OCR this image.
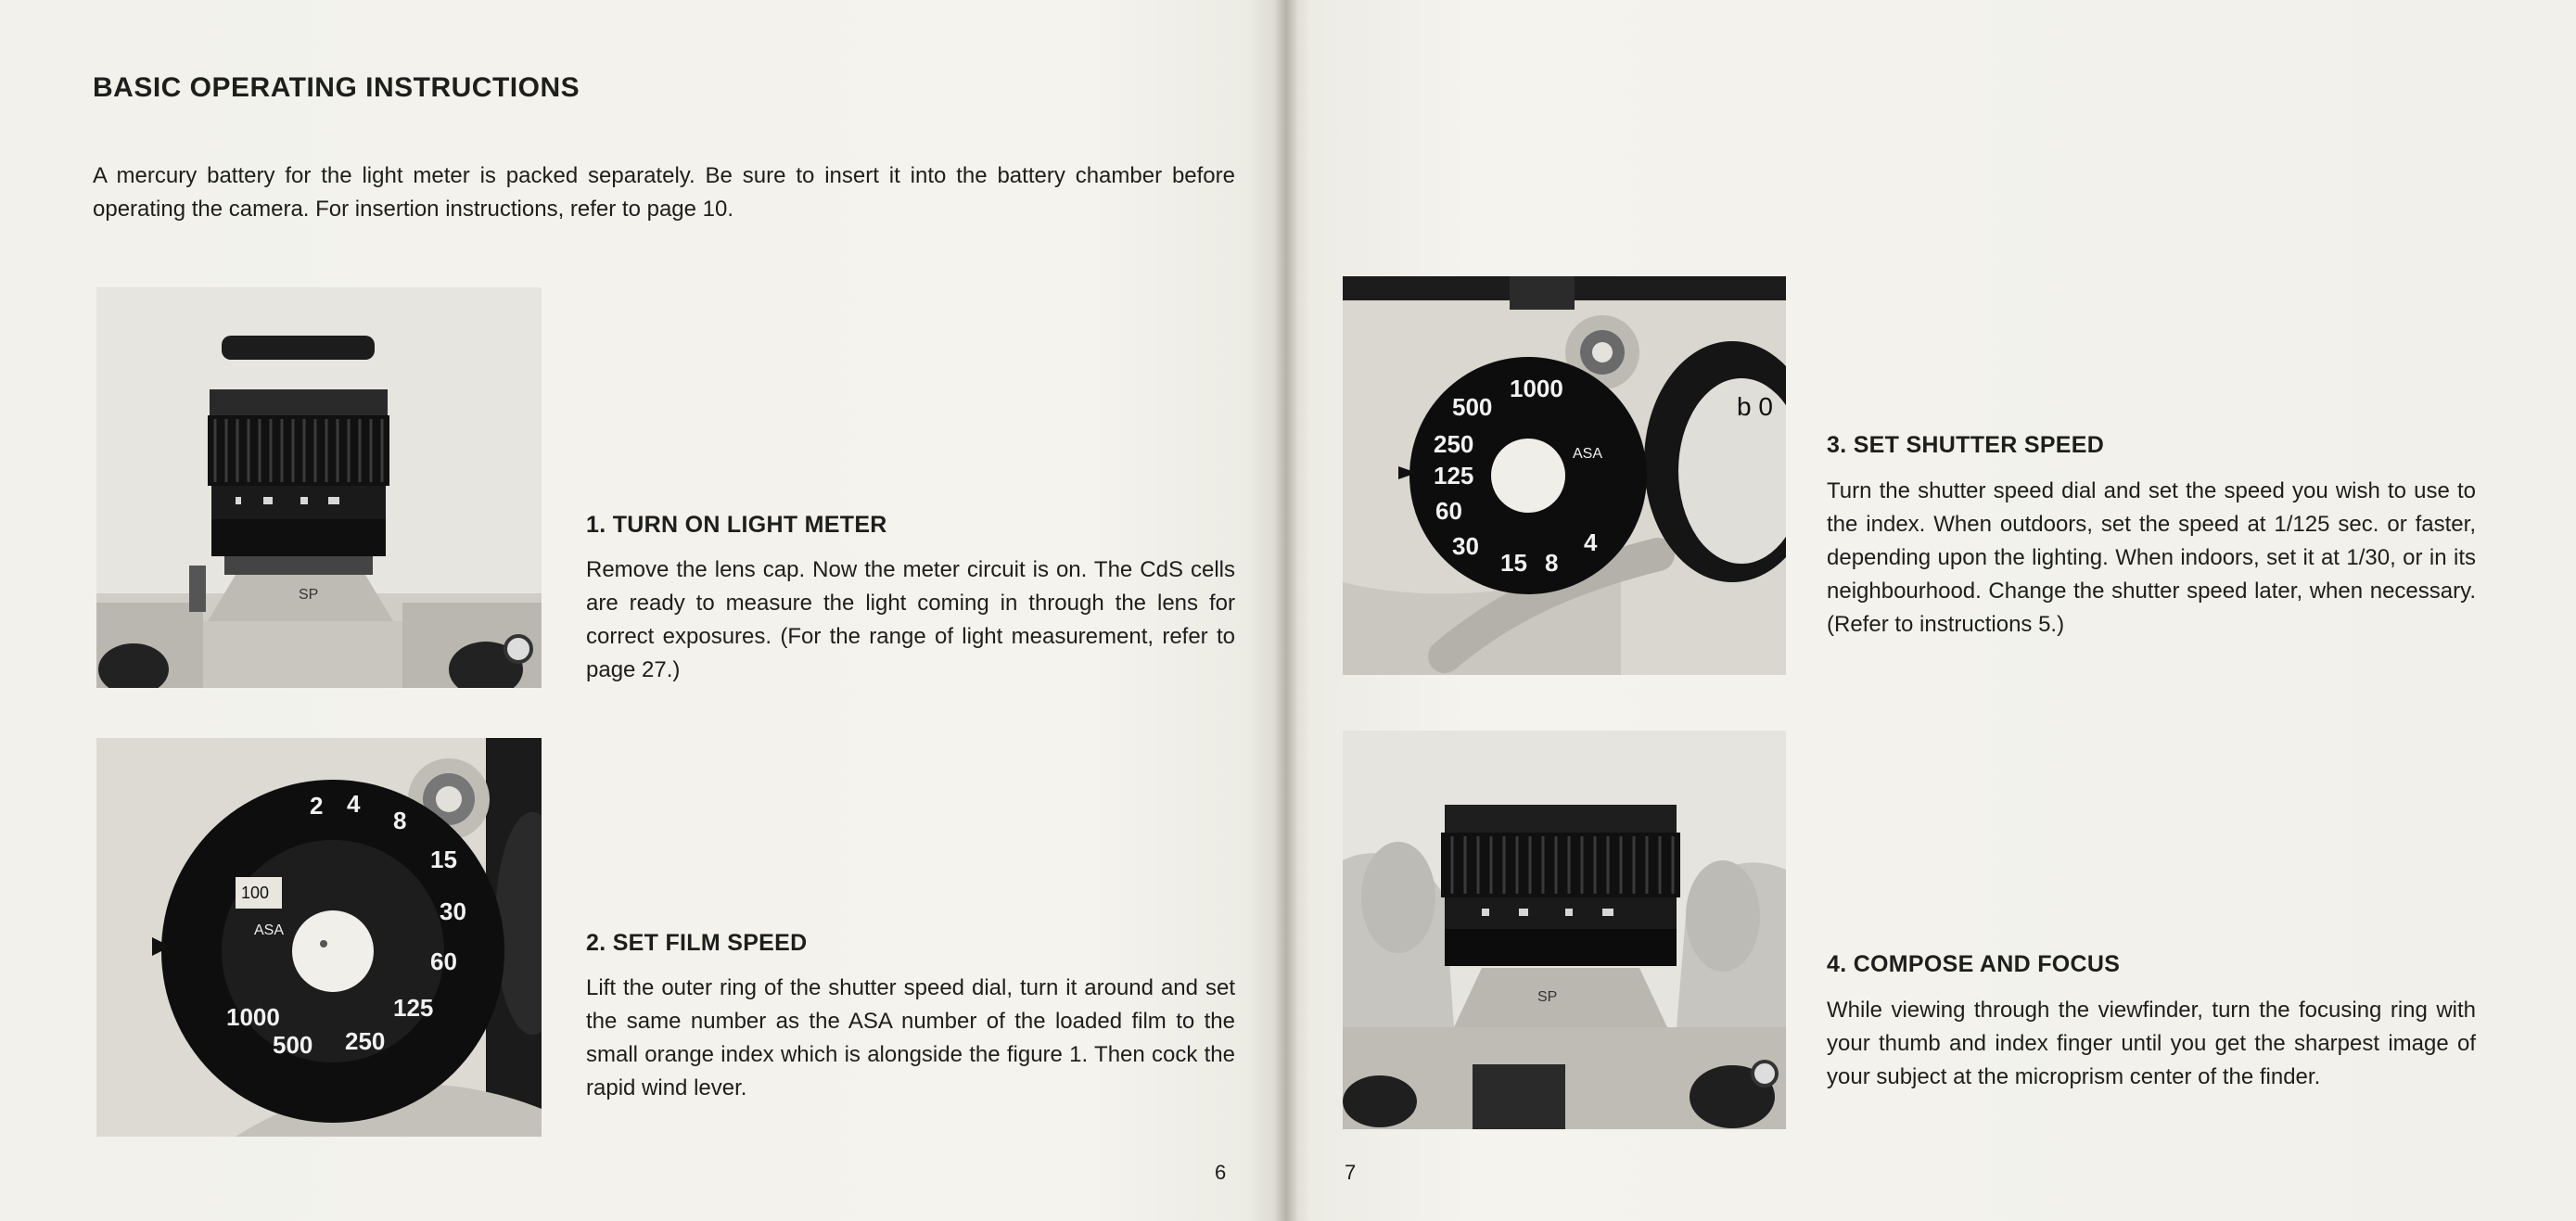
BASIC OPERATING INSTRUCTIONS
A mercury battery for the light meter is packed separately. Be sure to insert it into the battery chamber before operating the camera. For insertion instructions, refer to page 10.
SP
2 4
8
15
30
60
125
250
500
1000
100
ASA
1. TURN ON LIGHT METER
Remove the lens cap. Now the meter circuit is on. The CdS cells are ready to measure the light coming in through the lens for correct exposures. (For the range of light measurement, refer to page 27.)
2. SET FILM SPEED
Lift the outer ring of the shutter speed dial, turn it around and set the same number as the ASA number of the loaded film to the small orange index which is alongside the figure 1. Then cock the rapid wind lever.
6
b 0
1000
500
250
125
60
30
15 8
4
ASA
SP
3. SET SHUTTER SPEED
Turn the shutter speed dial and set the speed you wish to use to the index. When outdoors, set the speed at 1/125 sec. or faster, depending upon the lighting. When indoors, set it at 1/30, or in its neighbourhood. Change the shutter speed later, when necessary. (Refer to instructions 5.)
4. COMPOSE AND FOCUS
While viewing through the viewfinder, turn the focusing ring with your thumb and index finger until you get the sharpest image of your subject at the microprism center of the finder.
7
